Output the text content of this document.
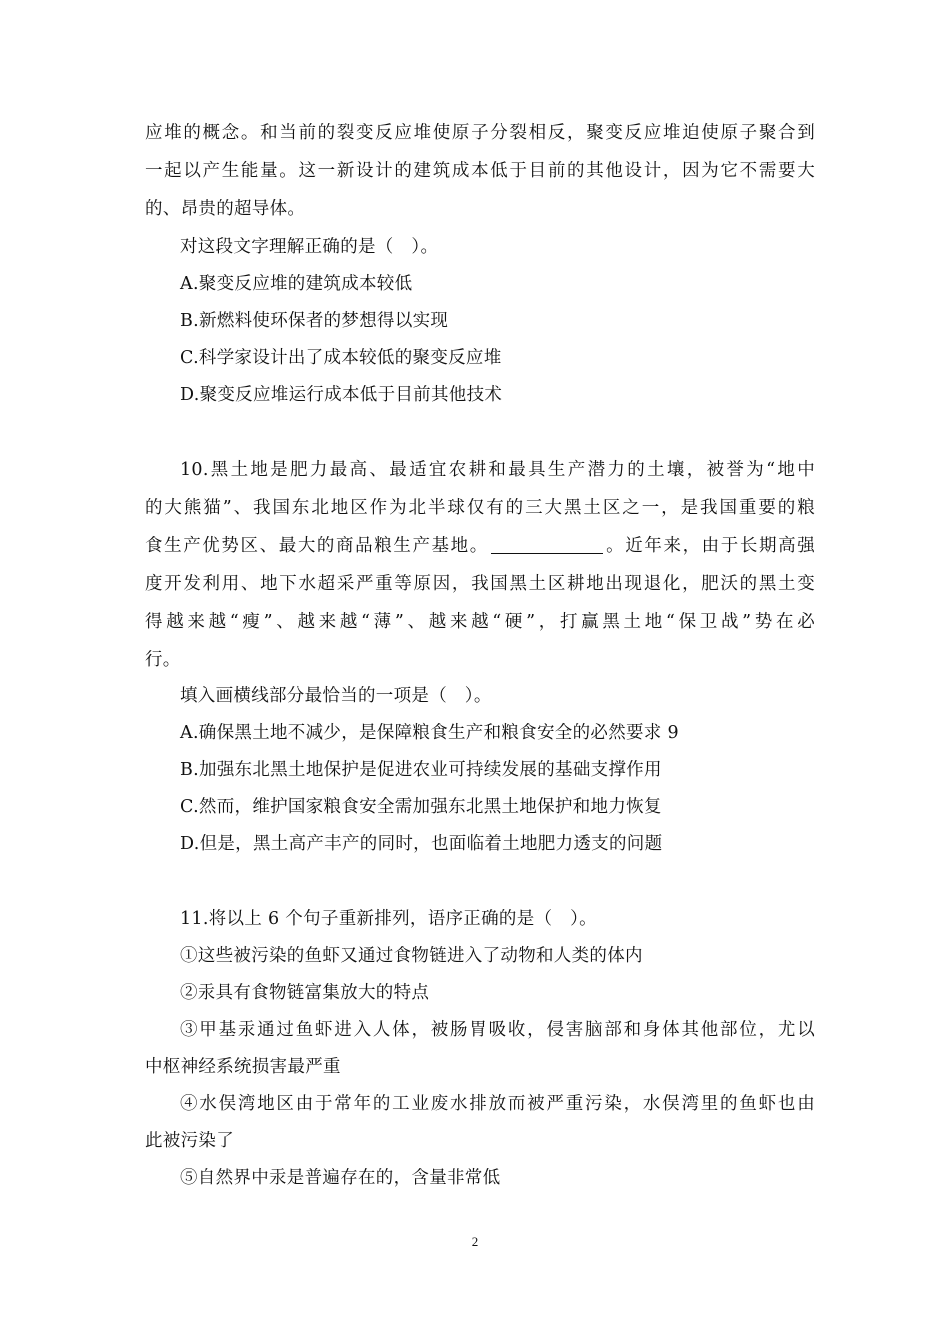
应堆的概念。和当前的裂变反应堆使原子分裂相反，聚变反应堆迫使原子聚合到
一起以产生能量。这一新设计的建筑成本低于目前的其他设计，因为它不需要大
的、昂贵的超导体。
对这段文字理解正确的是（　）。
A.聚变反应堆的建筑成本较低
B.新燃料使环保者的梦想得以实现
C.科学家设计出了成本较低的聚变反应堆
D.聚变反应堆运行成本低于目前其他技术
10.黑土地是肥力最高、最适宜农耕和最具生产潜力的土壤，被誉为“地中
的大熊猫”、我国东北地区作为北半球仅有的三大黑土区之一，是我国重要的粮
食生产优势区、最大的商品粮生产基地。	。近年来，由于长期高强
度开发利用、地下水超采严重等原因，我国黑土区耕地出现退化，肥沃的黑土变
得越来越“瘦”、越来越“薄”、越来越“硬”，打赢黑土地“保卫战”势在必
行。
填入画横线部分最恰当的一项是（　）。
A.确保黑土地不减少，是保障粮食生产和粮食安全的必然要求 9
B.加强东北黑土地保护是促进农业可持续发展的基础支撑作用
C.然而，维护国家粮食安全需加强东北黑土地保护和地力恢复
D.但是，黑土高产丰产的同时，也面临着土地肥力透支的问题
11.将以上 6 个句子重新排列，语序正确的是（　）。
①这些被污染的鱼虾又通过食物链进入了动物和人类的体内
②汞具有食物链富集放大的特点
③甲基汞通过鱼虾进入人体，被肠胃吸收，侵害脑部和身体其他部位，尤以
中枢神经系统损害最严重
④水俣湾地区由于常年的工业废水排放而被严重污染，水俣湾里的鱼虾也由
此被污染了
⑤自然界中汞是普遍存在的，含量非常低
2
